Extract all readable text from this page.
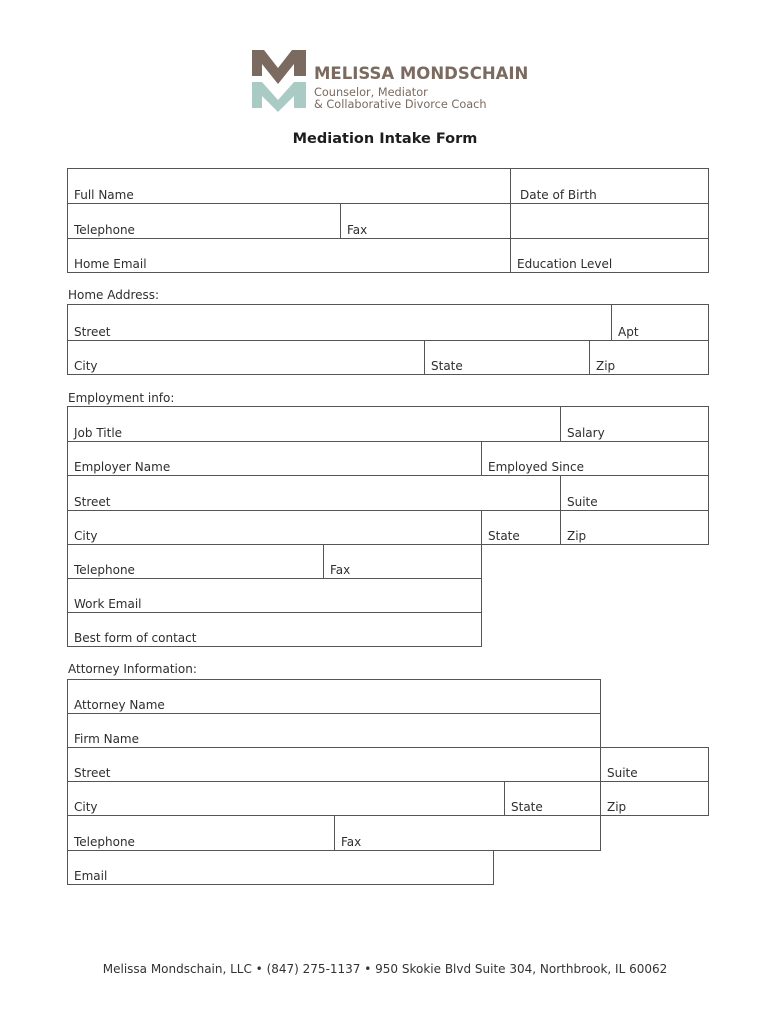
MELISSA MONDSCHAIN
Counselor, Mediator
& Collaborative Divorce Coach
Mediation Intake Form
Full Name	Date of Birth
Telephone	Fax
Home Email	Education Level
Home Address:
Street	Apt
City	State	Zip
Employment info:
Job Title	Salary
Employer Name	Employed Since
Street	Suite
City	State	Zip
Telephone	Fax
Work Email
Best form of contact
Attorney Information:
Attorney Name
Firm Name
Street	Suite
City	State	Zip
Telephone	Fax
Email
Melissa Mondschain, LLC • (847) 275-1137 • 950 Skokie Blvd Suite 304, Northbrook, IL 60062
